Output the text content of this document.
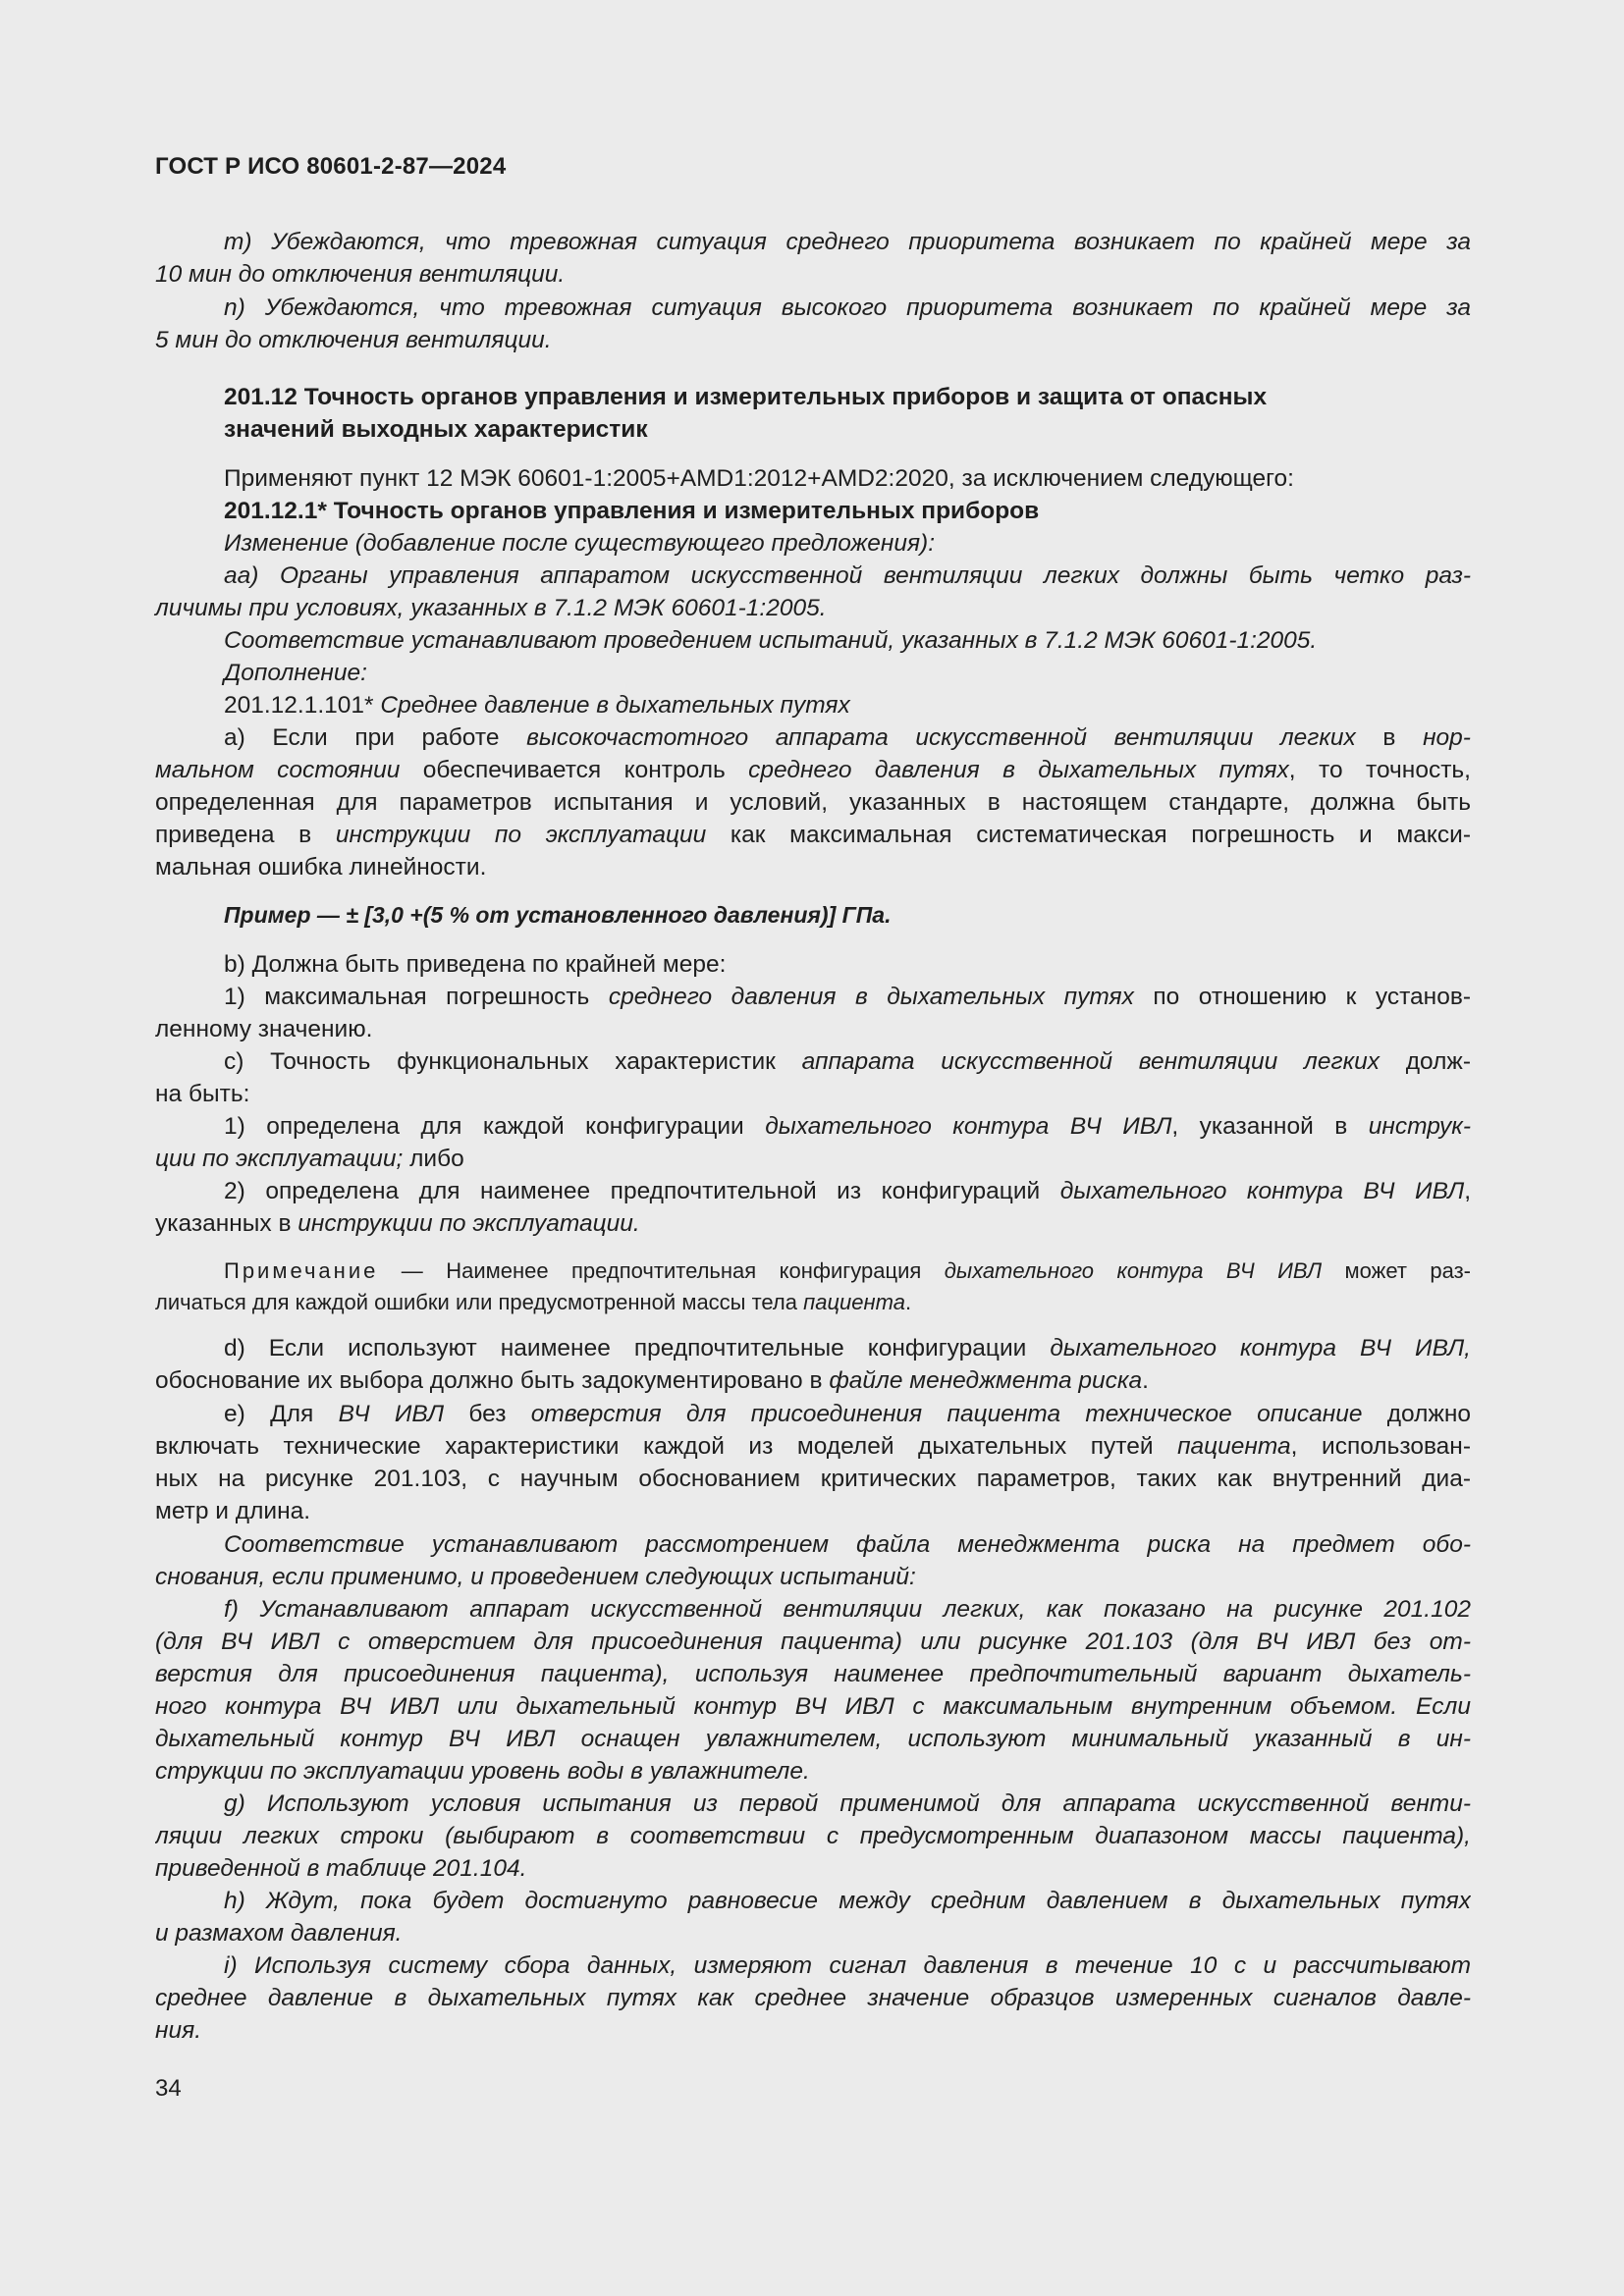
ГОСТ Р ИСО 80601-2-87—2024
m) Убеждаются, что тревожная ситуация среднего приоритета возникает по крайней мере за
10 мин до отключения вентиляции.
n) Убеждаются, что тревожная ситуация высокого приоритета возникает по крайней мере за
5 мин до отключения вентиляции.
201.12 Точность органов управления и измерительных приборов и защита от опасных
значений выходных характеристик
Применяют пункт 12 МЭК 60601-1:2005+AMD1:2012+AMD2:2020, за исключением следующего:
201.12.1* Точность органов управления и измерительных приборов
Изменение (добавление после существующего предложения):
aa) Органы управления аппаратом искусственной вентиляции легких должны быть четко раз-
личимы при условиях, указанных в 7.1.2 МЭК 60601-1:2005.
Соответствие устанавливают проведением испытаний, указанных в 7.1.2 МЭК 60601-1:2005.
Дополнение:
201.12.1.101* Среднее давление в дыхательных путях
а) Если при работе высокочастотного аппарата искусственной вентиляции легких в нор-
мальном состоянии обеспечивается контроль среднего давления в дыхательных путях, то точность,
определенная для параметров испытания и условий, указанных в настоящем стандарте, должна быть
приведена в инструкции по эксплуатации как максимальная систематическая погрешность и макси-
мальная ошибка линейности.
Пример — ± [3,0 +(5 % от установленного давления)] ГПа.
b) Должна быть приведена по крайней мере:
1) максимальная погрешность среднего давления в дыхательных путях по отношению к установ-
ленному значению.
c) Точность функциональных характеристик аппарата искусственной вентиляции легких долж-
на быть:
1) определена для каждой конфигурации дыхательного контура ВЧ ИВЛ, указанной в инструк-
ции по эксплуатации; либо
2) определена для наименее предпочтительной из конфигураций дыхательного контура ВЧ ИВЛ,
указанных в инструкции по эксплуатации.
Примечание — Наименее предпочтительная конфигурация дыхательного контура ВЧ ИВЛ может раз-
личаться для каждой ошибки или предусмотренной массы тела пациента.
d) Если используют наименее предпочтительные конфигурации дыхательного контура ВЧ ИВЛ,
обоснование их выбора должно быть задокументировано в файле менеджмента риска.
e) Для ВЧ ИВЛ без отверстия для присоединения пациента техническое описание должно
включать технические характеристики каждой из моделей дыхательных путей пациента, использован-
ных на рисунке 201.103, с научным обоснованием критических параметров, таких как внутренний диа-
метр и длина.
Соответствие устанавливают рассмотрением файла менеджмента риска на предмет обо-
снования, если применимо, и проведением следующих испытаний:
f) Устанавливают аппарат искусственной вентиляции легких, как показано на рисунке 201.102
(для ВЧ ИВЛ с отверстием для присоединения пациента) или рисунке 201.103 (для ВЧ ИВЛ без от-
верстия для присоединения пациента), используя наименее предпочтительный вариант дыхатель-
ного контура ВЧ ИВЛ или дыхательный контур ВЧ ИВЛ с максимальным внутренним объемом. Если
дыхательный контур ВЧ ИВЛ оснащен увлажнителем, используют минимальный указанный в ин-
струкции по эксплуатации уровень воды в увлажнителе.
g) Используют условия испытания из первой применимой для аппарата искусственной венти-
ляции легких строки (выбирают в соответствии с предусмотренным диапазоном массы пациента),
приведенной в таблице 201.104.
h) Ждут, пока будет достигнуто равновесие между средним давлением в дыхательных путях
и размахом давления.
i) Используя систему сбора данных, измеряют сигнал давления в течение 10 с и рассчитывают
среднее давление в дыхательных путях как среднее значение образцов измеренных сигналов давле-
ния.
34
